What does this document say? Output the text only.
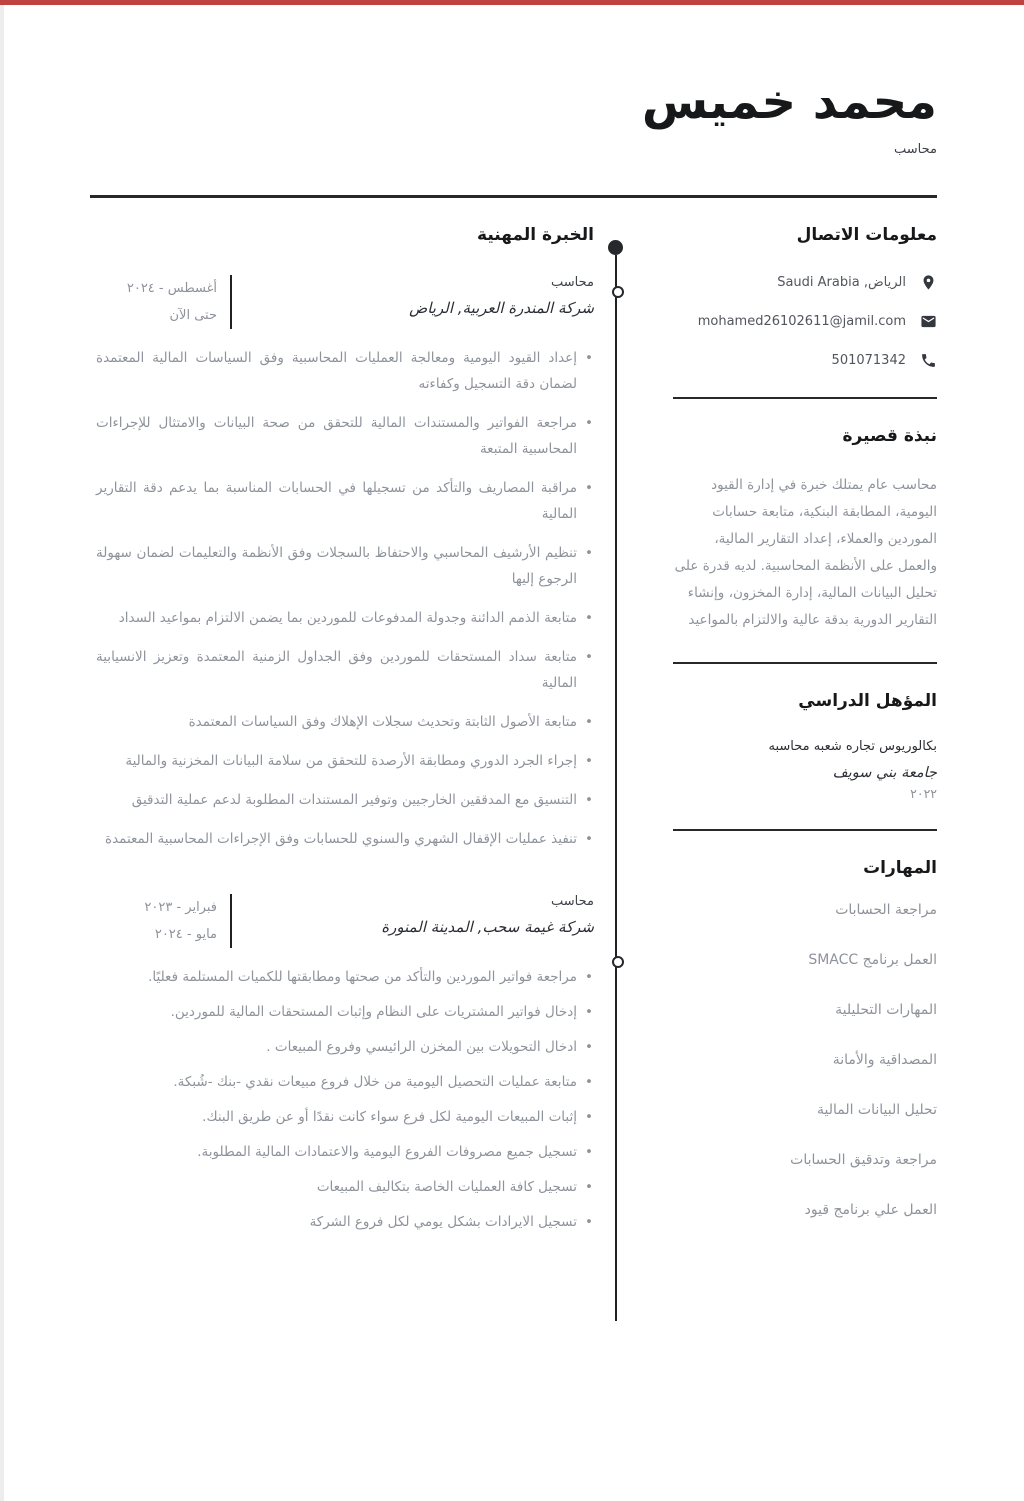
محمد خميس
محاسب
معلومات الاتصال
الرياض, Saudi Arabia
mohamed26102611@jamil.com
501071342
نبذة قصيرة

محاسب عام يمتلك خبرة في إدارة القيود اليومية، المطابقة البنكية، متابعة حسابات الموردين والعملاء، إعداد التقارير المالية، والعمل على الأنظمة المحاسبية. لديه قدرة على تحليل البيانات المالية، إدارة المخزون، وإنشاء التقارير الدورية بدقة عالية والالتزام بالمواعيد

المؤهل الدراسي
بكالوريوس تجاره شعبه محاسبه
جامعة بني سويف
٢٠٢٢
المهارات
مراجعة الحسابات
العمل برنامج SMACC
المهارات التحليلية
المصداقية والأمانة
تحليل البيانات المالية
مراجعة وتدقيق الحسابات
العمل علي برنامج قيود
الخبرة المهنية
محاسب
شركة المندرة العربية, الرياض
أغسطس - ٢٠٢٤
حتى الآن
• إعداد القيود اليومية ومعالجة العمليات المحاسبية وفق السياسات المالية المعتمدة لضمان دقة التسجيل وكفاءته
• مراجعة الفواتير والمستندات المالية للتحقق من صحة البيانات والامتثال للإجراءات المحاسبية المتبعة
• مراقبة المصاريف والتأكد من تسجيلها في الحسابات المناسبة بما يدعم دقة التقارير المالية
• تنظيم الأرشيف المحاسبي والاحتفاظ بالسجلات وفق الأنظمة والتعليمات لضمان سهولة الرجوع إليها
• متابعة الذمم الدائنة وجدولة المدفوعات للموردين بما يضمن الالتزام بمواعيد السداد
• متابعة سداد المستحقات للموردين وفق الجداول الزمنية المعتمدة وتعزيز الانسيابية المالية
• متابعة الأصول الثابتة وتحديث سجلات الإهلاك وفق السياسات المعتمدة
• إجراء الجرد الدوري ومطابقة الأرصدة للتحقق من سلامة البيانات المخزنية والمالية
• التنسيق مع المدققين الخارجيين وتوفير المستندات المطلوبة لدعم عملية التدقيق
• تنفيذ عمليات الإقفال الشهري والسنوي للحسابات وفق الإجراءات المحاسبية المعتمدة
محاسب
شركة غيمة سحب, المدينة المنورة
فبراير - ٢٠٢٣
مايو - ٢٠٢٤
• مراجعة فواتير الموردين والتأكد من صحتها ومطابقتها للكميات المستلمة فعليًا.
• إدخال فواتير المشتريات على النظام وإثبات المستحقات المالية للموردين.
• ادخال التحويلات بين المخزن الرائيسي وفروع المبيعات .
• متابعة عمليات التحصيل اليومية من خلال فروع مبيعات نقدي -بنك -شُبكة.
• إثبات المبيعات اليومية لكل فرع سواء كانت نقدًا أو عن طريق البنك.
• تسجيل جميع مصروفات الفروع اليومية والاعتمادات المالية المطلوبة.
• تسجيل كافة العمليات الخاصة بتكاليف المبيعات
• تسجيل الايرادات بشكل يومي لكل فروع الشركة
